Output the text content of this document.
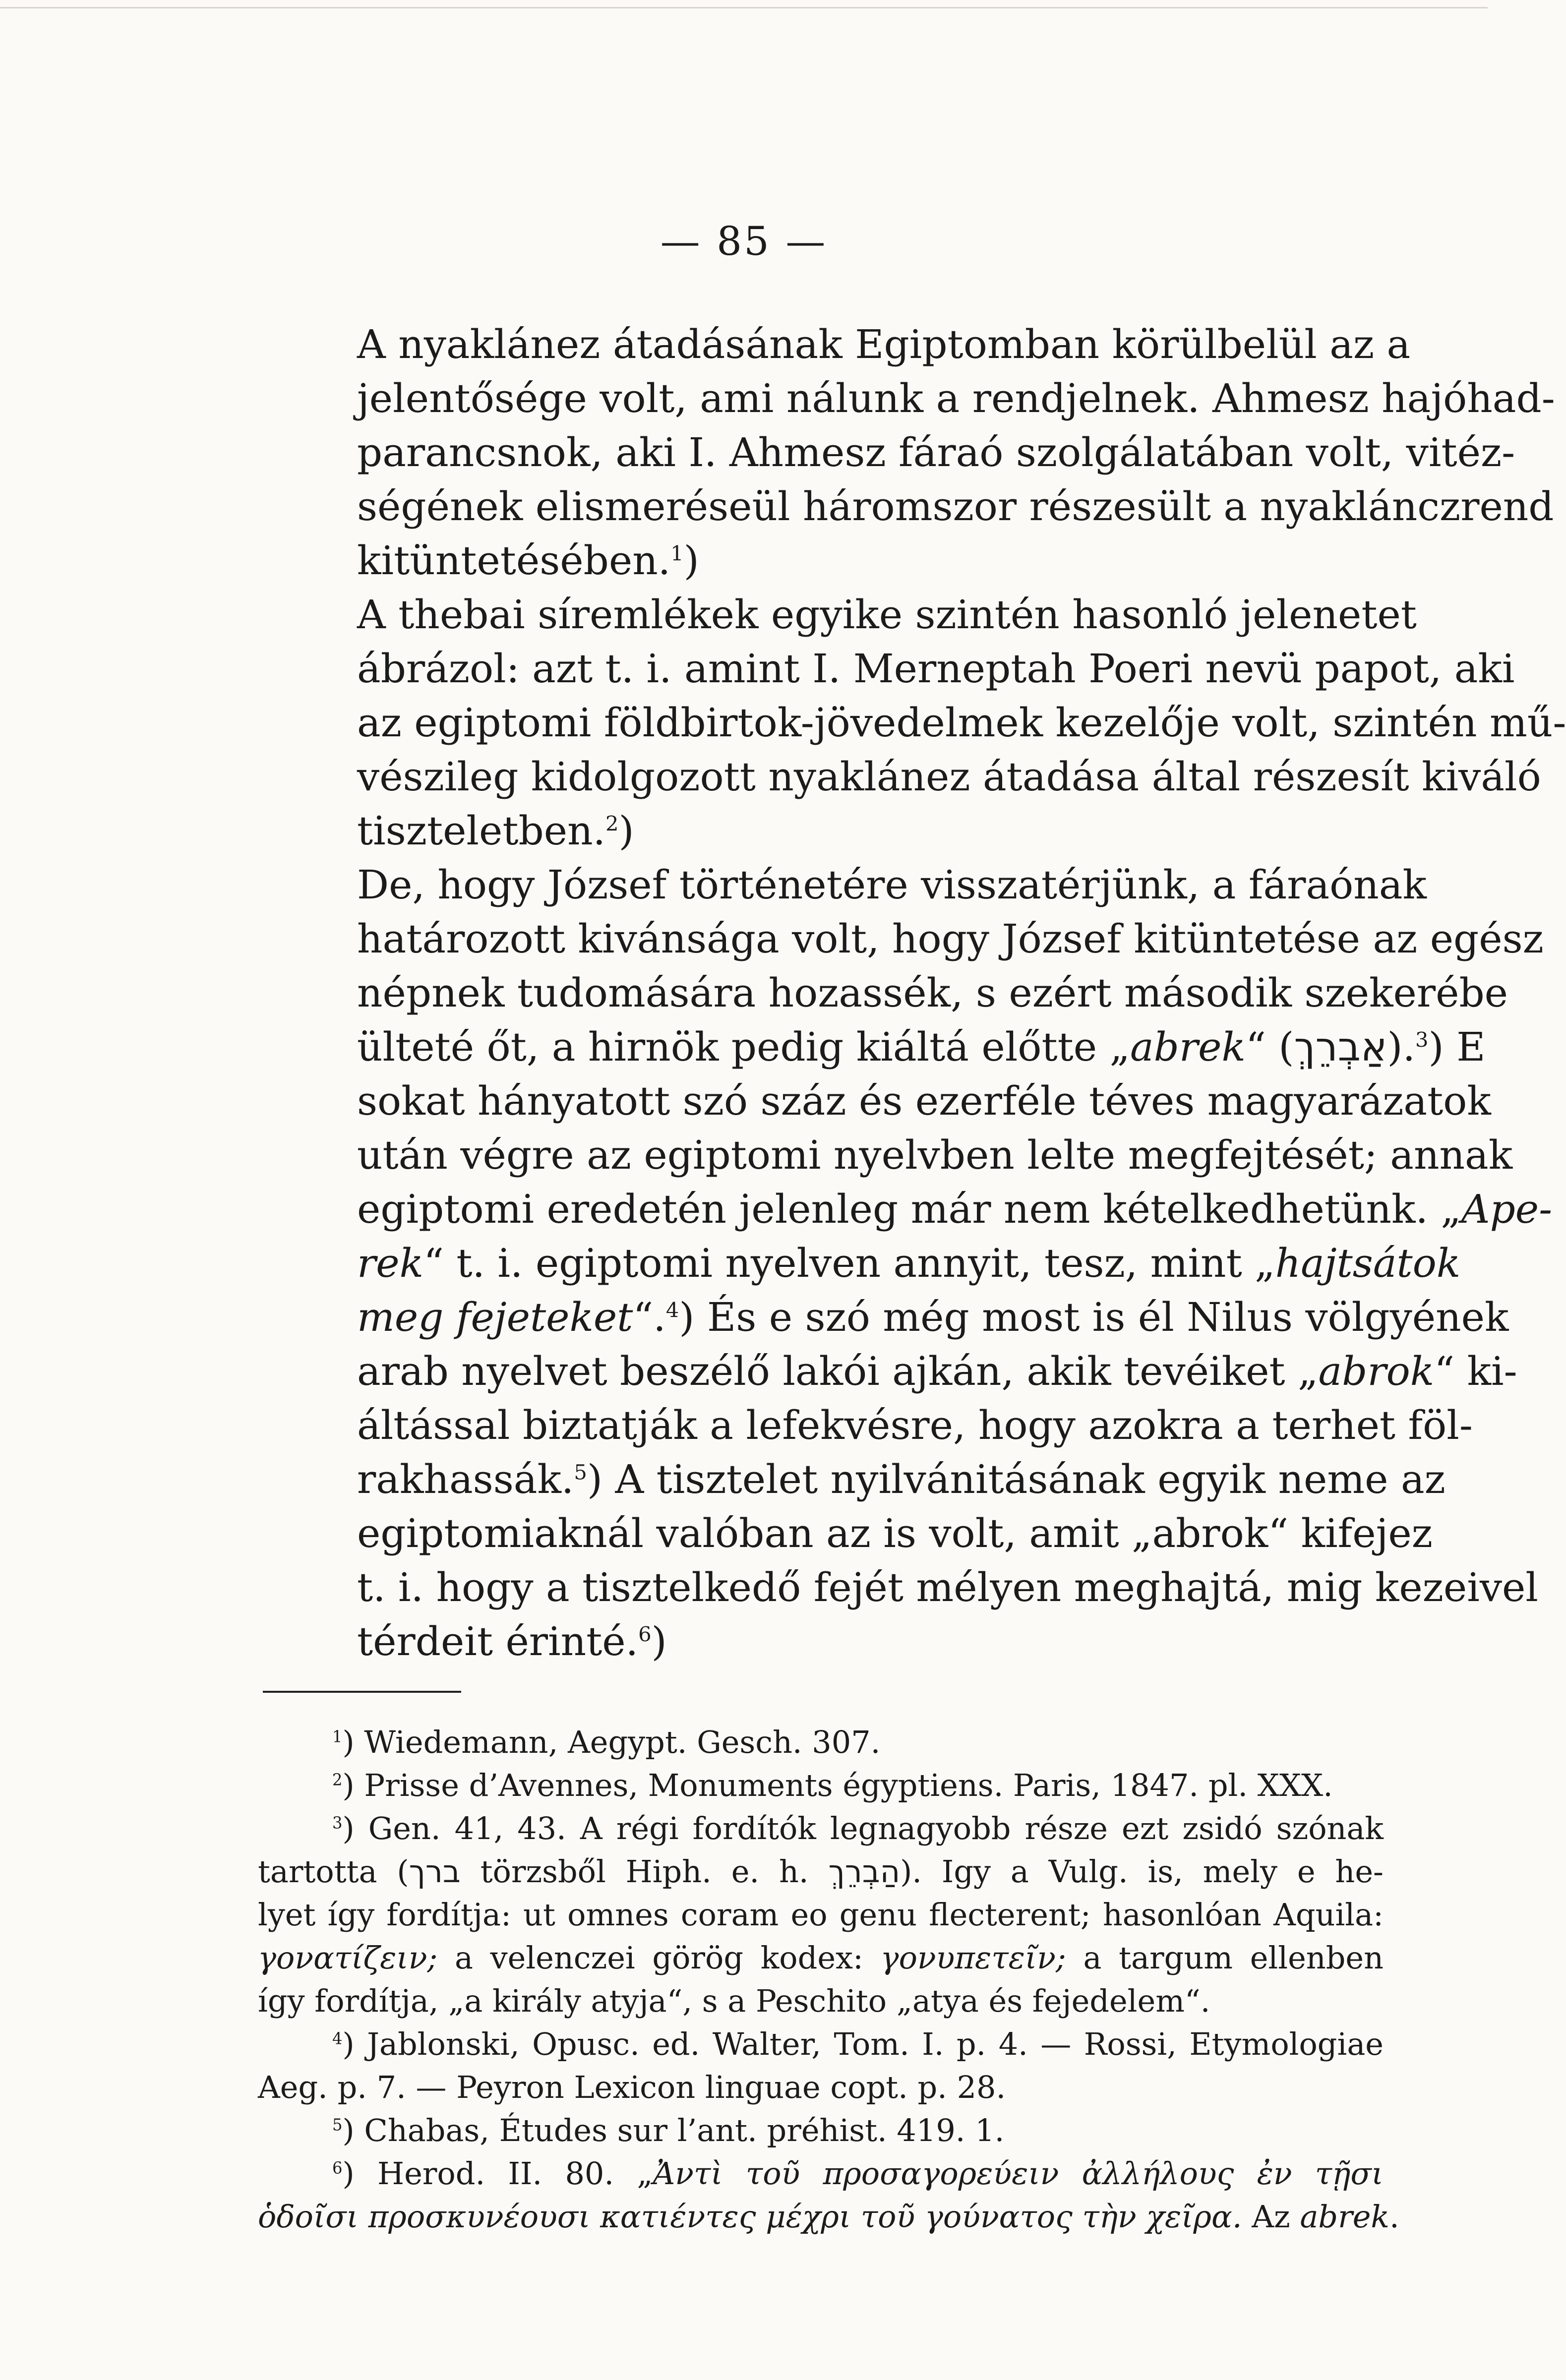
— 85 —

A nyaklánez átadásának Egiptomban körülbelül az a
jelentősége volt, ami nálunk a rendjelnek. Ahmesz hajóhad-
parancsnok, aki I. Ahmesz fáraó szolgálatában volt, vitéz-
ségének elismeréseül háromszor részesült a nyaklánczrend
kitüntetésében.$^1$)

A thebai síremlékek egyike szintén hasonló jelenetet
ábrázol: azt t. i. amint I. Merneptah Poeri nevü papot, aki
az egiptomi földbirtok-jövedelmek kezelője volt, szintén mű-
vészileg kidolgozott nyaklánez átadása által részesít kiváló
tiszteletben.$^2$)

De, hogy József történetére visszatérjünk, a fáraónak
határozott kivánsága volt, hogy József kitüntetése az egész
népnek tudomására hozassék, s ezért második szekerébe
ülteté őt, a hirnök pedig kiáltá előtte „abrek“ (אַבְרֵךְ).$^3$) E
sokat hányatott szó száz és ezerféle téves magyarázatok
után végre az egiptomi nyelvben lelte megfejtését; annak
egiptomi eredetén jelenleg már nem kételkedhetünk. „Ape-
rek“ t. i. egiptomi nyelven annyit, tesz, mint „hajtsátok
meg fejeteket“.$^4$) És e szó még most is él Nilus völgyének
arab nyelvet beszélő lakói ajkán, akik tevéiket „abrok“ ki-
áltással biztatják a lefekvésre, hogy azokra a terhet föl-
rakhassák.$^5$) A tisztelet nyilvánitásának egyik neme az
egiptomiaknál valóban az is volt, amit „abrok“ kifejez
t. i. hogy a tisztelkedő fejét mélyen meghajtá, mig kezeivel
térdeit érinté.$^6$)

$^1$) Wiedemann, Aegypt. Gesch. 307.
$^2$) Prisse d’Avennes, Monuments égyptiens. Paris, 1847. pl. XXX.
$^3$) Gen. 41, 43. A régi fordítók legnagyobb része ezt zsidó szónak
tartotta (ברך törzsből Hiph. e. h. הַבְרֵךְ). Igy a Vulg. is, mely e he-
lyet így fordítja: ut omnes coram eo genu flecterent; hasonlóan Aquila:
γονατίζειν; a velenczei görög kodex: γονυπετεῖν; a targum ellenben
így fordítja, „a király atyja“, s a Peschito „atya és fejedelem“.
$^4$) Jablonski, Opusc. ed. Walter, Tom. I. p. 4. — Rossi, Etymologiae
Aeg. p. 7. — Peyron Lexicon linguae copt. p. 28.
$^5$) Chabas, Études sur l’ant. préhist. 419. 1.
$^6$) Herod. II. 80. „Ἀντὶ τοῦ προσαγορεύειν ἀλλήλους ἐν τῇσι
ὁδοῖσι προσκυνέουσι κατιέντες μέχρι τοῦ γούνατος τὴν χεῖρα. Az abrek.
